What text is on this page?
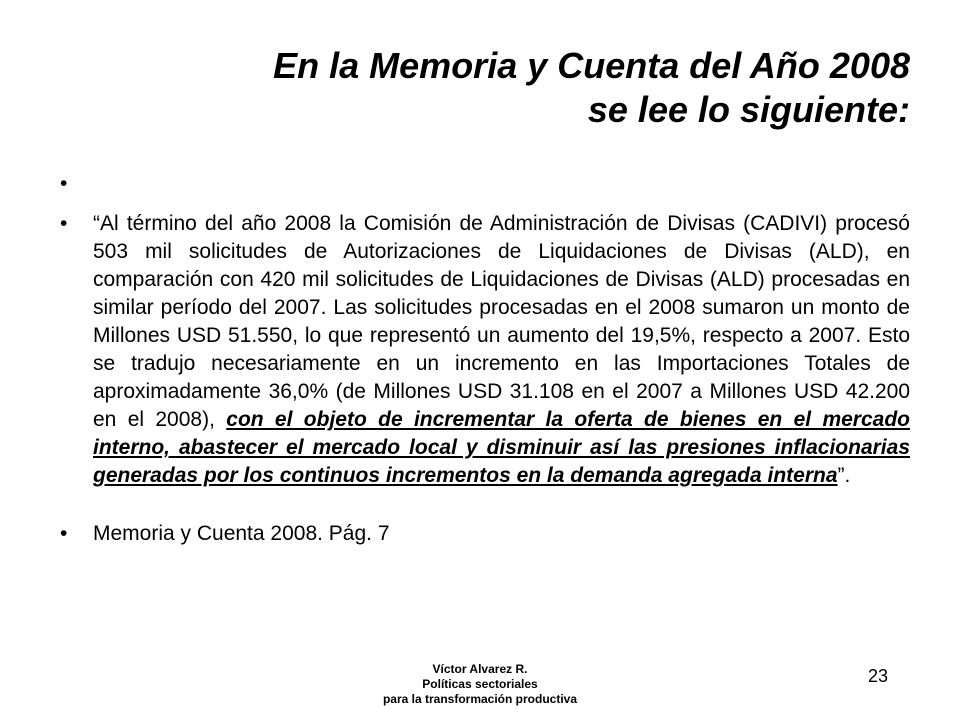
En la Memoria y Cuenta del Año 2008
se lee lo siguiente:
•

• “Al término del año 2008 la Comisión de Administración de Divisas (CADIVI) procesó 503 mil solicitudes de Autorizaciones de Liquidaciones de Divisas (ALD), en comparación con 420 mil solicitudes de Liquidaciones de Divisas (ALD) procesadas en similar período del 2007. Las solicitudes procesadas en el 2008 sumaron un monto de Millones USD 51.550, lo que representó un aumento del 19,5%, respecto a 2007. Esto se tradujo necesariamente en un incremento en las Importaciones Totales de aproximadamente 36,0% (de Millones USD 31.108 en el 2007 a Millones USD 42.200 en el 2008), con el objeto de incrementar la oferta de bienes en el mercado interno, abastecer el mercado local y disminuir así las presiones inflacionarias generadas por los continuos incrementos en la demanda agregada interna”.
• Memoria y Cuenta 2008. Pág. 7
Víctor Alvarez R.
Políticas sectoriales
para la transformación productiva
23
